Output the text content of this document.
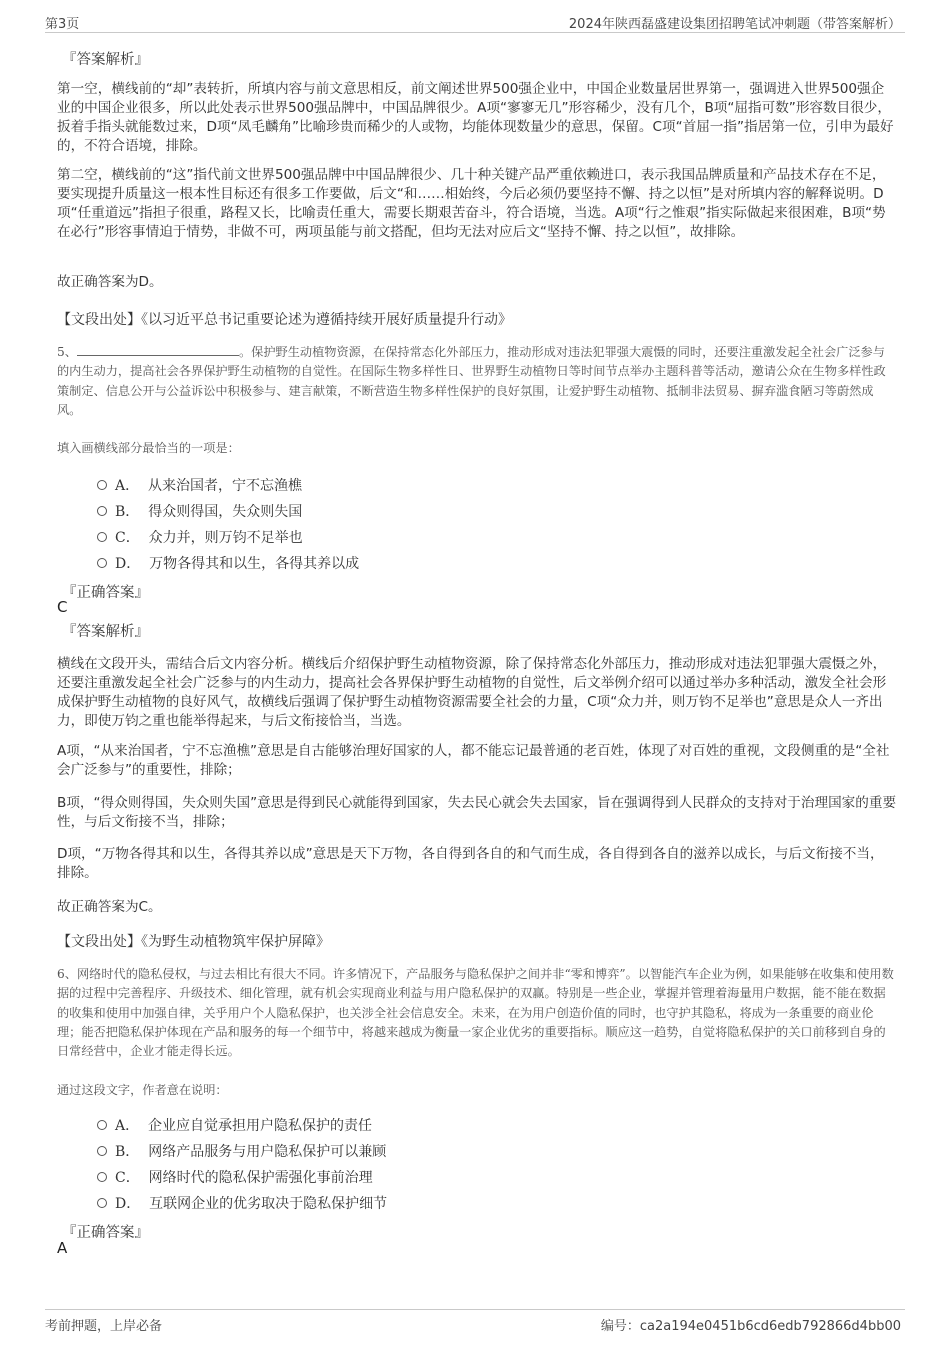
第3页	2024年陕西磊盛建设集团招聘笔试冲刺题（带答案解析）
『答案解析』

第一空，横线前的“却”表转折，所填内容与前文意思相反，前文阐述世界500强企业中，中国企业数量居世界第一，强调进入世界500强企业的中国企业很多，所以此处表示世界500强品牌中，中国品牌很少。A项“寥寥无几”形容稀少，没有几个，B项“屈指可数”形容数目很少，扳着手指头就能数过来，D项“凤毛麟角”比喻珍贵而稀少的人或物，均能体现数量少的意思，保留。C项“首屈一指”指居第一位，引申为最好的，不符合语境，排除。

第二空，横线前的“这”指代前文世界500强品牌中中国品牌很少、几十种关键产品严重依赖进口，表示我国品牌质量和产品技术存在不足，要实现提升质量这一根本性目标还有很多工作要做，后文“和……相始终，今后必须仍要坚持不懈、持之以恒”是对所填内容的解释说明。D项“任重道远”指担子很重，路程又长，比喻责任重大，需要长期艰苦奋斗，符合语境，当选。A项“行之惟艰”指实际做起来很困难，B项“势在必行”形容事情迫于情势，非做不可，两项虽能与前文搭配，但均无法对应后文“坚持不懈、持之以恒”，故排除。

故正确答案为D。

【文段出处】《以习近平总书记重要论述为遵循持续开展好质量提升行动》

5、	。保护野生动植物资源，在保持常态化外部压力，推动形成对违法犯罪强大震慑的同时，还要注重激发起全社会广泛参与的内生动力，提高社会各界保护野生动植物的自觉性。在国际生物多样性日、世界野生动植物日等时间节点举办主题科普等活动，邀请公众在生物多样性政策制定、信息公开与公益诉讼中积极参与、建言献策，不断营造生物多样性保护的良好氛围，让爱护野生动植物、抵制非法贸易、摒弃滥食陋习等蔚然成风。

填入画横线部分最恰当的一项是：
A． 从来治国者，宁不忘渔樵
B． 得众则得国，失众则失国
C． 众力并，则万钧不足举也
D． 万物各得其和以生，各得其养以成
『正确答案』
C
『答案解析』

横线在文段开头，需结合后文内容分析。横线后介绍保护野生动植物资源，除了保持常态化外部压力，推动形成对违法犯罪强大震慑之外，还要注重激发起全社会广泛参与的内生动力，提高社会各界保护野生动植物的自觉性，后文举例介绍可以通过举办多种活动，激发全社会形成保护野生动植物的良好风气，故横线后强调了保护野生动植物资源需要全社会的力量，C项“众力并，则万钧不足举也”意思是众人一齐出力，即使万钧之重也能举得起来，与后文衔接恰当，当选。

A项，“从来治国者，宁不忘渔樵”意思是自古能够治理好国家的人，都不能忘记最普通的老百姓，体现了对百姓的重视，文段侧重的是“全社会广泛参与”的重要性，排除；

B项，“得众则得国，失众则失国”意思是得到民心就能得到国家，失去民心就会失去国家，旨在强调得到人民群众的支持对于治理国家的重要性，与后文衔接不当，排除；

D项，“万物各得其和以生，各得其养以成”意思是天下万物，各自得到各自的和气而生成，各自得到各自的滋养以成长，与后文衔接不当，排除。

故正确答案为C。

【文段出处】《为野生动植物筑牢保护屏障》

6、网络时代的隐私侵权，与过去相比有很大不同。许多情况下，产品服务与隐私保护之间并非“零和博弈”。以智能汽车企业为例，如果能够在收集和使用数据的过程中完善程序、升级技术、细化管理，就有机会实现商业利益与用户隐私保护的双赢。特别是一些企业，掌握并管理着海量用户数据，能不能在数据的收集和使用中加强自律，关乎用户个人隐私保护，也关涉全社会信息安全。未来，在为用户创造价值的同时，也守护其隐私，将成为一条重要的商业伦理；能否把隐私保护体现在产品和服务的每一个细节中，将越来越成为衡量一家企业优劣的重要指标。顺应这一趋势，自觉将隐私保护的关口前移到自身的日常经营中，企业才能走得长远。

通过这段文字，作者意在说明：
A． 企业应自觉承担用户隐私保护的责任
B． 网络产品服务与用户隐私保护可以兼顾
C． 网络时代的隐私保护需强化事前治理
D． 互联网企业的优劣取决于隐私保护细节
『正确答案』
A
考前押题，上岸必备	编号：ca2a194e0451b6cd6edb792866d4bb00
